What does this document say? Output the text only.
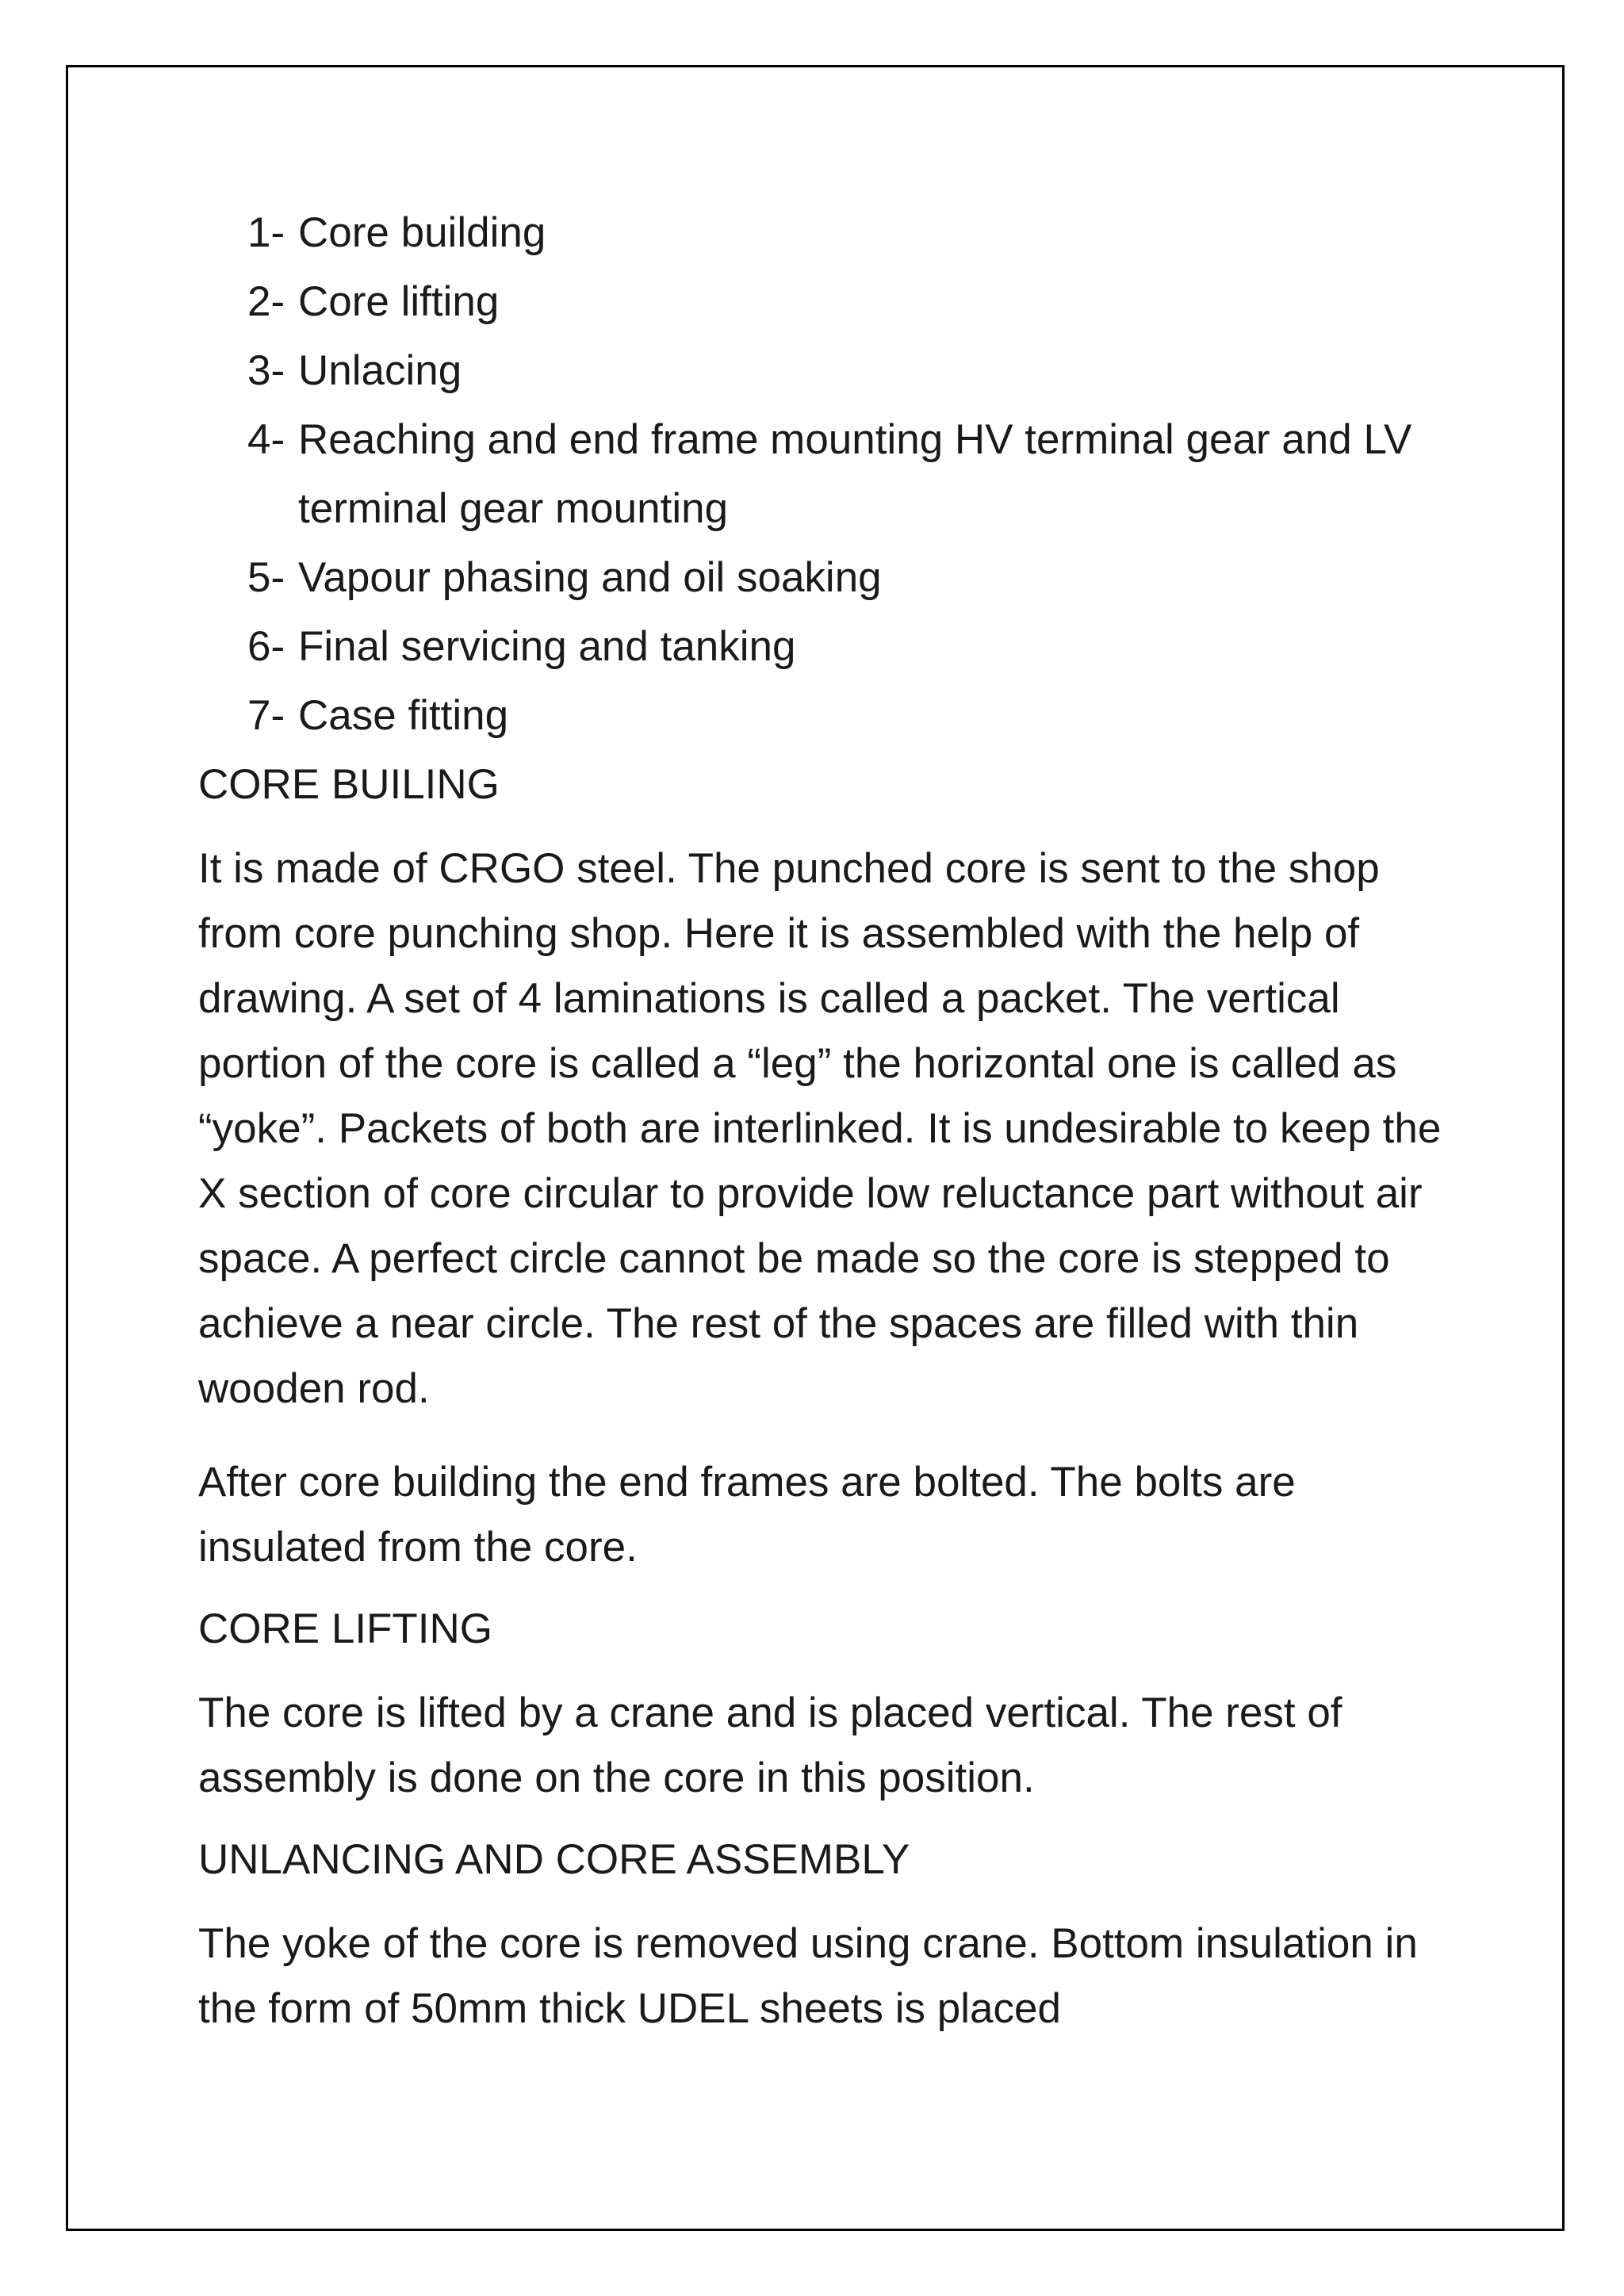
1- Core building
2- Core lifting
3- Unlacing
4- Reaching and end frame mounting HV terminal gear and LV terminal gear mounting
5- Vapour phasing and oil soaking
6- Final servicing and tanking
7- Case fitting
CORE BUILING

It is made of CRGO steel. The punched core is sent to the shop from core punching shop. Here it is assembled with the help of drawing. A set of 4 laminations is called a packet. The vertical portion of the core is called a “leg” the horizontal one is called as “yoke”. Packets of both are interlinked. It is undesirable to keep the X section of core circular to provide low reluctance part without air space. A perfect circle cannot be made so the core is stepped to achieve a near circle. The rest of the spaces are filled with thin wooden rod.

After core building the end frames are bolted. The bolts are insulated from the core.

CORE LIFTING

The core is lifted by a crane and is placed vertical. The rest of assembly is done on the core in this position.

UNLANCING AND CORE ASSEMBLY

The yoke of the core is removed using crane. Bottom insulation in the form of 50mm thick UDEL sheets is placed
